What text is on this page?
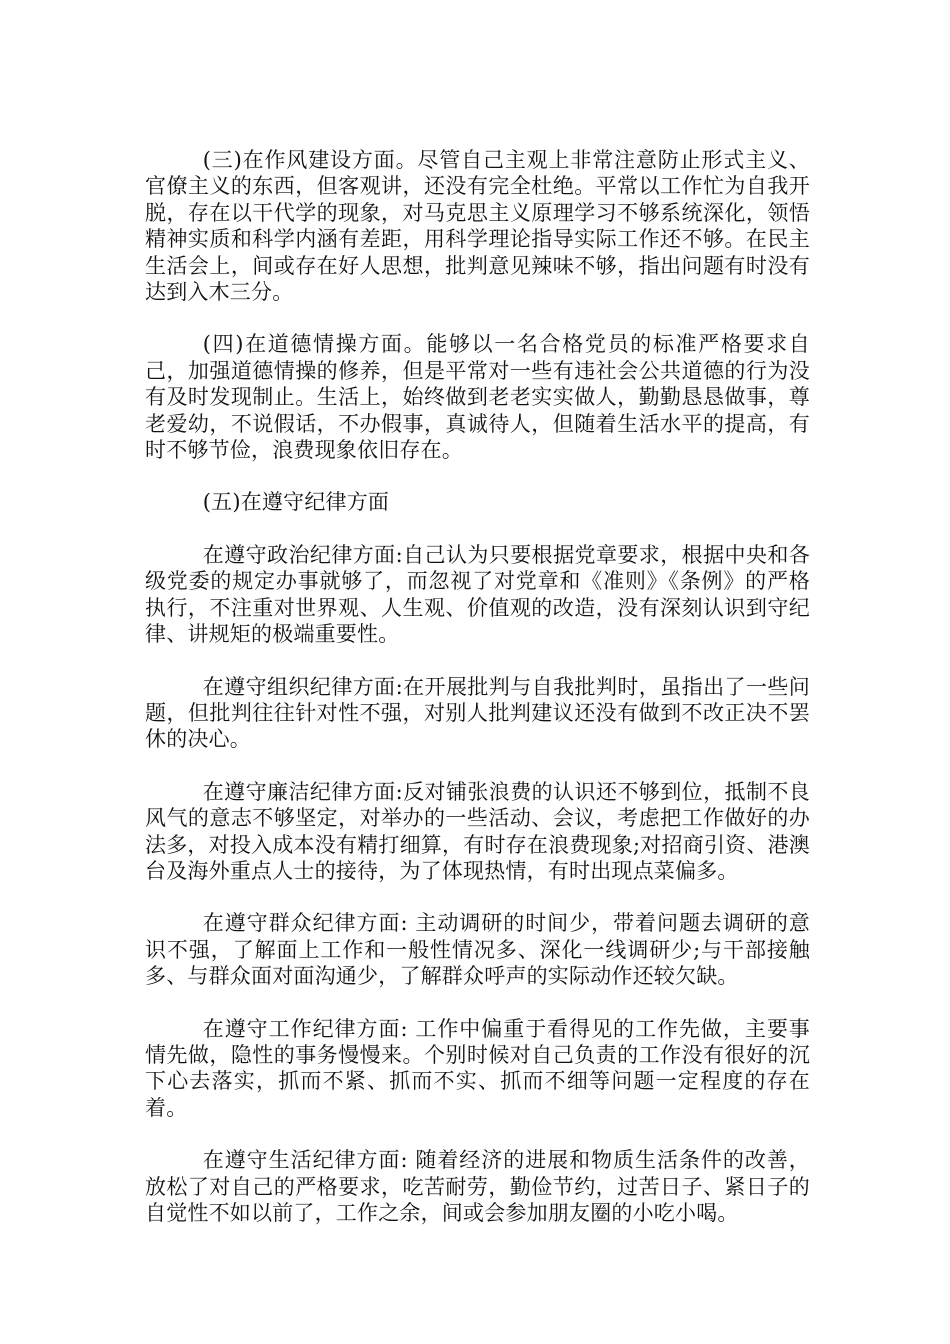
(三)在作风建设方面。尽管自己主观上非常注意防止形式主义、官僚主义的东西，但客观讲，还没有完全杜绝。平常以工作忙为自我开脱，存在以干代学的现象，对马克思主义原理学习不够系统深化，领悟精神实质和科学内涵有差距，用科学理论指导实际工作还不够。在民主生活会上，间或存在好人思想，批判意见辣味不够，指出问题有时没有达到入木三分。

(四)在道德情操方面。能够以一名合格党员的标准严格要求自己，加强道德情操的修养，但是平常对一些有违社会公共道德的行为没有及时发现制止。生活上，始终做到老老实实做人，勤勤恳恳做事，尊老爱幼，不说假话，不办假事，真诚待人，但随着生活水平的提高，有时不够节俭，浪费现象依旧存在。

(五)在遵守纪律方面

在遵守政治纪律方面:自己认为只要根据党章要求，根据中央和各级党委的规定办事就够了，而忽视了对党章和《准则》《条例》的严格执行，不注重对世界观、人生观、价值观的改造，没有深刻认识到守纪律、讲规矩的极端重要性。

在遵守组织纪律方面:在开展批判与自我批判时，虽指出了一些问题，但批判往往针对性不强，对别人批判建议还没有做到不改正决不罢休的决心。

在遵守廉洁纪律方面:反对铺张浪费的认识还不够到位，抵制不良风气的意志不够坚定，对举办的一些活动、会议，考虑把工作做好的办法多，对投入成本没有精打细算，有时存在浪费现象;对招商引资、港澳台及海外重点人士的接待，为了体现热情，有时出现点菜偏多。

在遵守群众纪律方面: 主动调研的时间少，带着问题去调研的意识不强，了解面上工作和一般性情况多、深化一线调研少;与干部接触多、与群众面对面沟通少，了解群众呼声的实际动作还较欠缺。

在遵守工作纪律方面: 工作中偏重于看得见的工作先做，主要事情先做，隐性的事务慢慢来。个别时候对自己负责的工作没有很好的沉下心去落实，抓而不紧、抓而不实、抓而不细等问题一定程度的存在着。

在遵守生活纪律方面: 随着经济的进展和物质生活条件的改善，放松了对自己的严格要求，吃苦耐劳，勤俭节约，过苦日子、紧日子的自觉性不如以前了，工作之余，间或会参加朋友圈的小吃小喝。
